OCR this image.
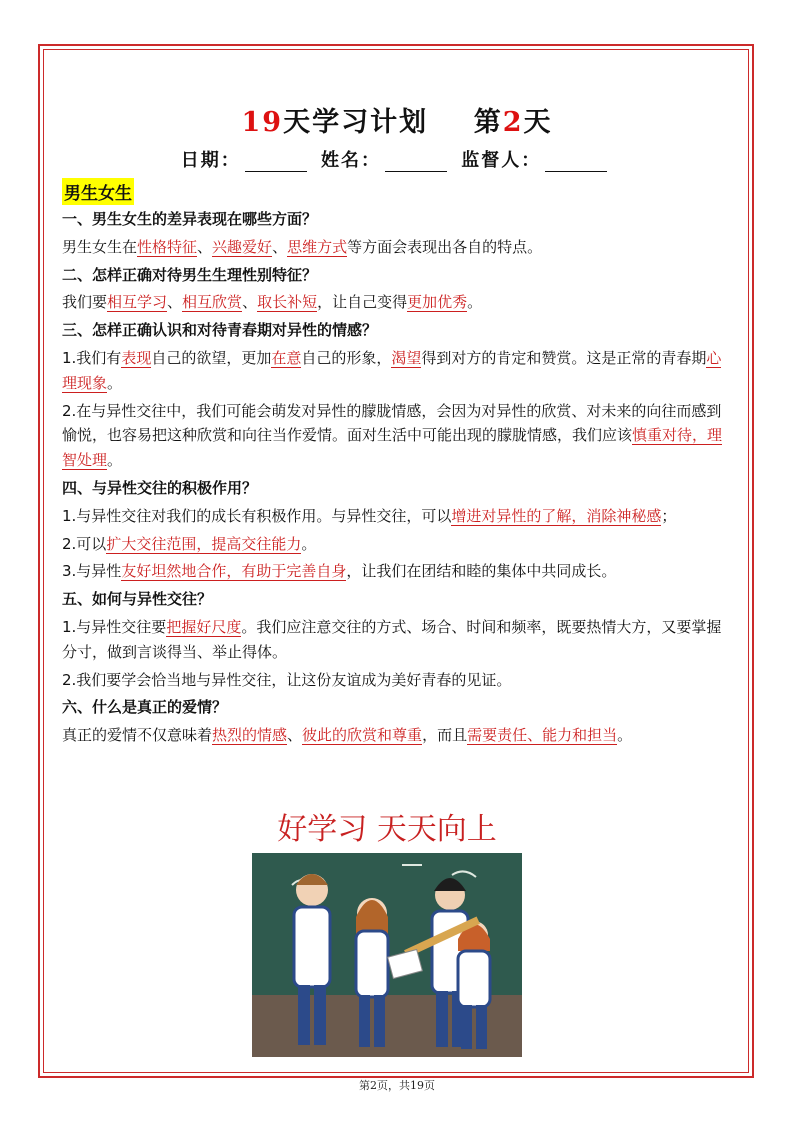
19天学习计划 第2天
日期：	姓名：	监督人：
男生女生

一、男生女生的差异表现在哪些方面？

男生女生在性格特征、兴趣爱好、思维方式等方面会表现出各自的特点。

二、怎样正确对待男生生理性别特征？

我们要相互学习、相互欣赏、取长补短，让自己变得更加优秀。

三、怎样正确认识和对待青春期对异性的情感？

1.我们有表现自己的欲望，更加在意自己的形象，渴望得到对方的肯定和赞赏。这是正常的青春期心理现象。

2.在与异性交往中，我们可能会萌发对异性的朦胧情感，会因为对异性的欣赏、对未来的向往而感到愉悦，也容易把这种欣赏和向往当作爱情。面对生活中可能出现的朦胧情感，我们应该慎重对待，理智处理。

四、与异性交往的积极作用？

1.与异性交往对我们的成长有积极作用。与异性交往，可以增进对异性的了解，消除神秘感；

2.可以扩大交往范围，提高交往能力。

3.与异性友好坦然地合作，有助于完善自身，让我们在团结和睦的集体中共同成长。

五、如何与异性交往？

1.与异性交往要把握好尺度。我们应注意交往的方式、场合、时间和频率，既要热情大方，又要掌握分寸，做到言谈得当、举止得体。

2.我们要学会恰当地与异性交往，让这份友谊成为美好青春的见证。

六、什么是真正的爱情？

真正的爱情不仅意味着热烈的情感、彼此的欣赏和尊重，而且需要责任、能力和担当。

好学习 天天向上
第2页，共19页
